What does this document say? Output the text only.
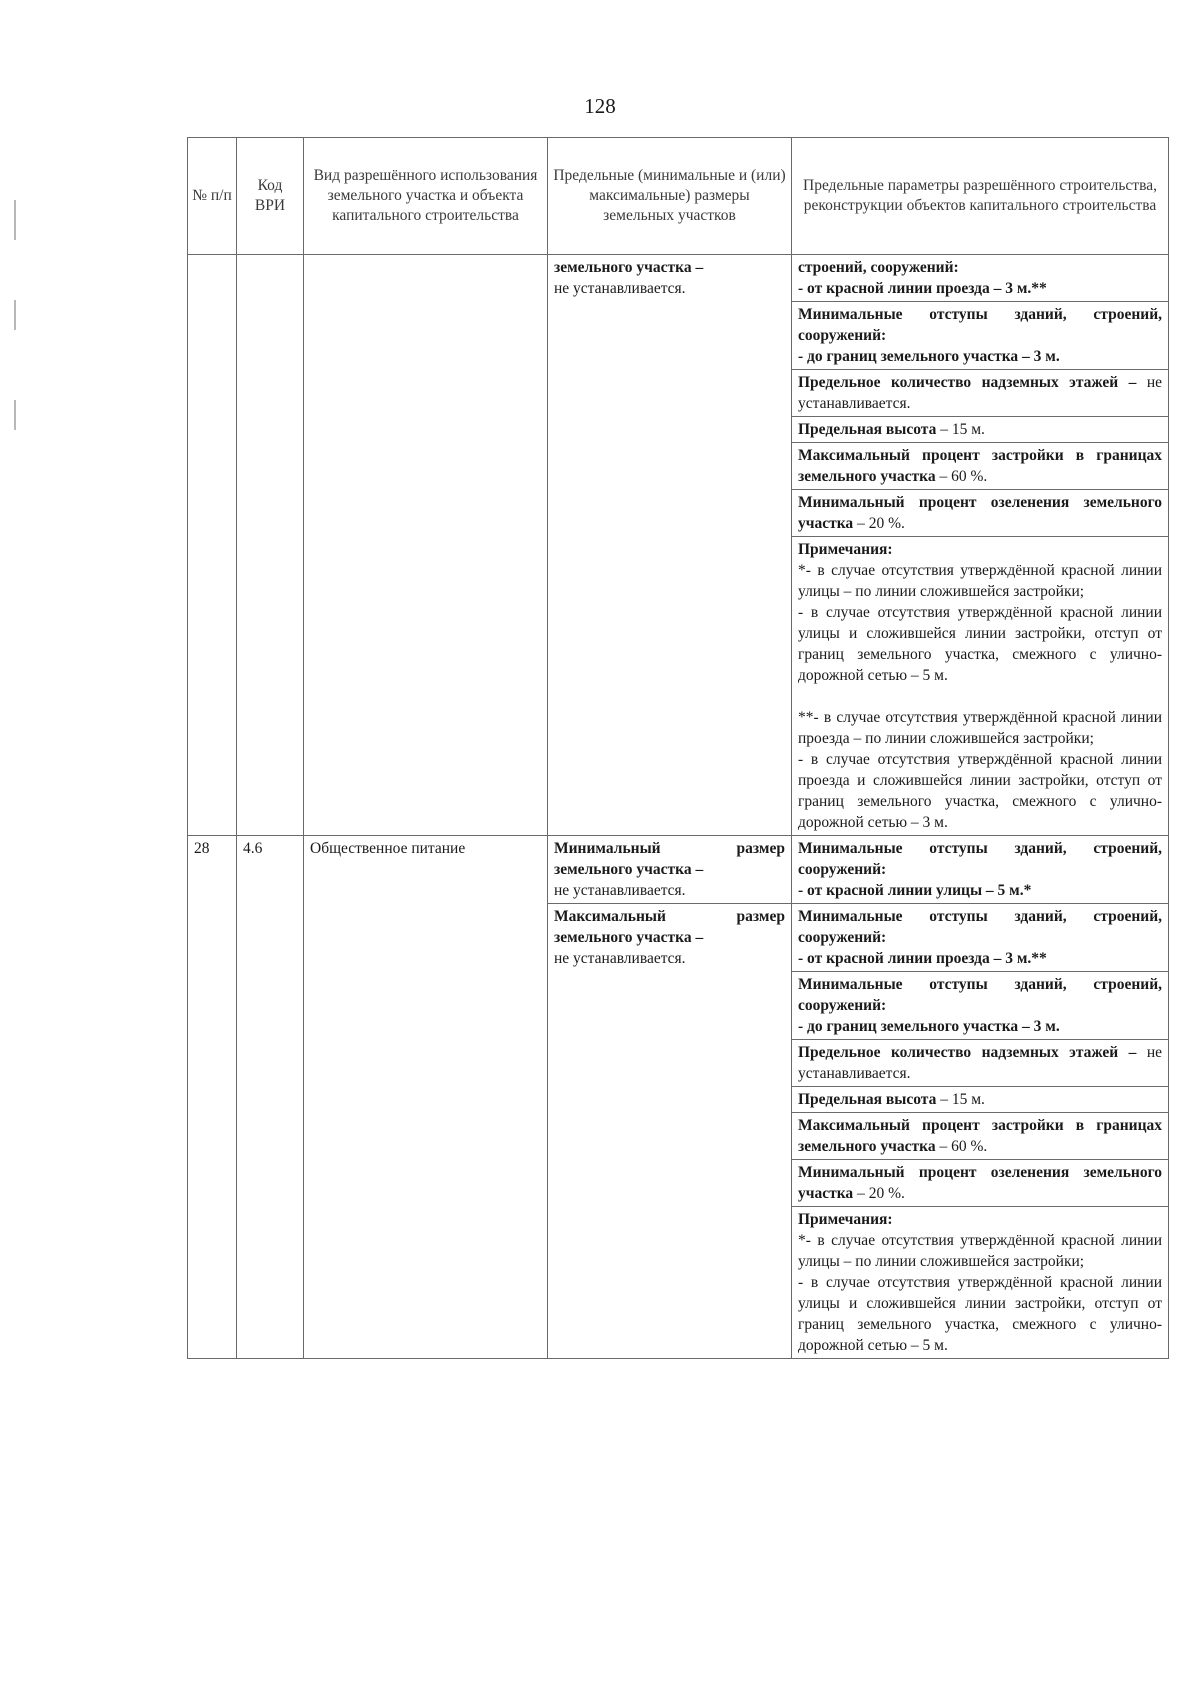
128
№ п/п	Код ВРИ	Вид разрешённого использования земельного участка и объекта капитального строительства	Предельные (минимальные и (или) максимальные) размеры земельных участков	Предельные параметры разрешённого строительства, реконструкции объектов капитального строительства
			земельного участка –
не устанавливается.	строений, сооружений:
- от красной линии проезда – 3 м.**
				Минимальные отступы зданий, строений, сооружений:
- до границ земельного участка – 3 м.
				Предельное количество надземных этажей – не устанавливается.
				Предельная высота – 15 м.
				Максимальный процент застройки в границах земельного участка – 60 %.
				Минимальный процент озеленения земельного участка – 20 %.

				Примечания:
*- в случае отсутствия утверждённой красной линии улицы – по линии сложившейся застройки;
- в случае отсутствия утверждённой красной линии улицы и сложившейся линии застройки, отступ от границ земельного участка, смежного с улично-дорожной сетью – 5 м.
**- в случае отсутствия утверждённой красной линии проезда – по линии сложившейся застройки;
- в случае отсутствия утверждённой красной линии проезда и сложившейся линии застройки, отступ от границ земельного участка, смежного с улично-дорожной сетью – 3 м.

28	4.6	Общественное питание	Минимальный размер земельного участка –
не устанавливается.	Минимальные отступы зданий, строений, сооружений:
- от красной линии улицы – 5 м.*
			Максимальный размер земельного участка –
не устанавливается.	Минимальные отступы зданий, строений, сооружений:
- от красной линии проезда – 3 м.**
				Минимальные отступы зданий, строений, сооружений:
- до границ земельного участка – 3 м.
				Предельное количество надземных этажей – не устанавливается.
				Предельная высота – 15 м.
				Максимальный процент застройки в границах земельного участка – 60 %.
				Минимальный процент озеленения земельного участка – 20 %.

				Примечания:
*- в случае отсутствия утверждённой красной линии улицы – по линии сложившейся застройки;
- в случае отсутствия утверждённой красной линии улицы и сложившейся линии застройки, отступ от границ земельного участка, смежного с улично-дорожной сетью – 5 м.
